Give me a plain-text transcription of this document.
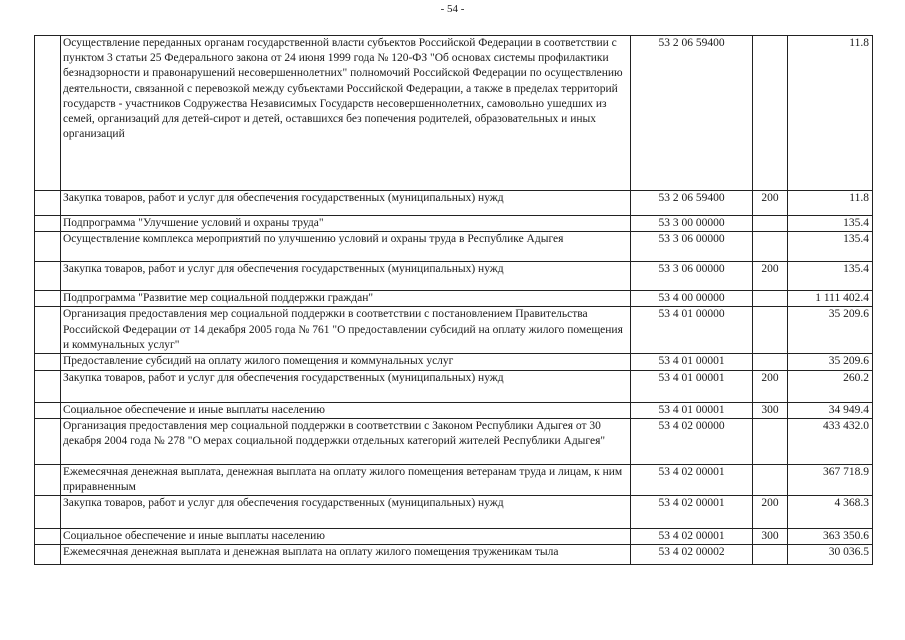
- 54 -
	Осуществление переданных органам государственной власти субъектов Российской Федерации в соответствии с пунктом 3 статьи 25 Федерального закона от 24 июня 1999 года № 120-ФЗ "Об основах системы профилактики безнадзорности и правонарушений несовершеннолетних" полномочий Российской Федерации по осуществлению деятельности, связанной с перевозкой между субъектами Российской Федерации, а также в пределах территорий государств - участников Содружества Независимых Государств несовершеннолетних, самовольно ушедших из семей, организаций для детей-сирот и детей, оставшихся без попечения родителей, образовательных и иных организаций	53 2 06 59400		11.8
	Закупка товаров, работ и услуг для обеспечения государственных (муниципальных) нужд	53 2 06 59400	200	11.8
	Подпрограмма "Улучшение условий и охраны труда"	53 3 00 00000		135.4
	Осуществление комплекса мероприятий по улучшению условий и охраны труда в Республике Адыгея	53 3 06 00000		135.4
	Закупка товаров, работ и услуг для обеспечения государственных (муниципальных) нужд	53 3 06 00000	200	135.4
	Подпрограмма "Развитие мер социальной поддержки граждан"	53 4 00 00000		1 111 402.4
	Организация предоставления мер социальной поддержки в соответствии с постановлением Правительства Российской Федерации от 14 декабря 2005 года № 761 "О предоставлении субсидий на оплату жилого помещения и коммунальных услуг"	53 4 01 00000		35 209.6
	Предоставление субсидий на оплату жилого помещения и коммунальных услуг	53 4 01 00001		35 209.6
	Закупка товаров, работ и услуг для обеспечения государственных (муниципальных) нужд	53 4 01 00001	200	260.2
	Социальное обеспечение и иные выплаты населению	53 4 01 00001	300	34 949.4
	Организация предоставления мер социальной поддержки в соответствии с Законом Республики Адыгея от 30 декабря 2004 года № 278 "О мерах социальной поддержки отдельных категорий жителей Республики Адыгея"	53 4 02 00000		433 432.0
	Ежемесячная денежная выплата, денежная выплата на оплату жилого помещения ветеранам труда и лицам, к ним приравненным	53 4 02 00001		367 718.9
	Закупка товаров, работ и услуг для обеспечения государственных (муниципальных) нужд	53 4 02 00001	200	4 368.3
	Социальное обеспечение и иные выплаты населению	53 4 02 00001	300	363 350.6
	Ежемесячная денежная выплата и денежная выплата на оплату жилого помещения труженикам тыла	53 4 02 00002		30 036.5
